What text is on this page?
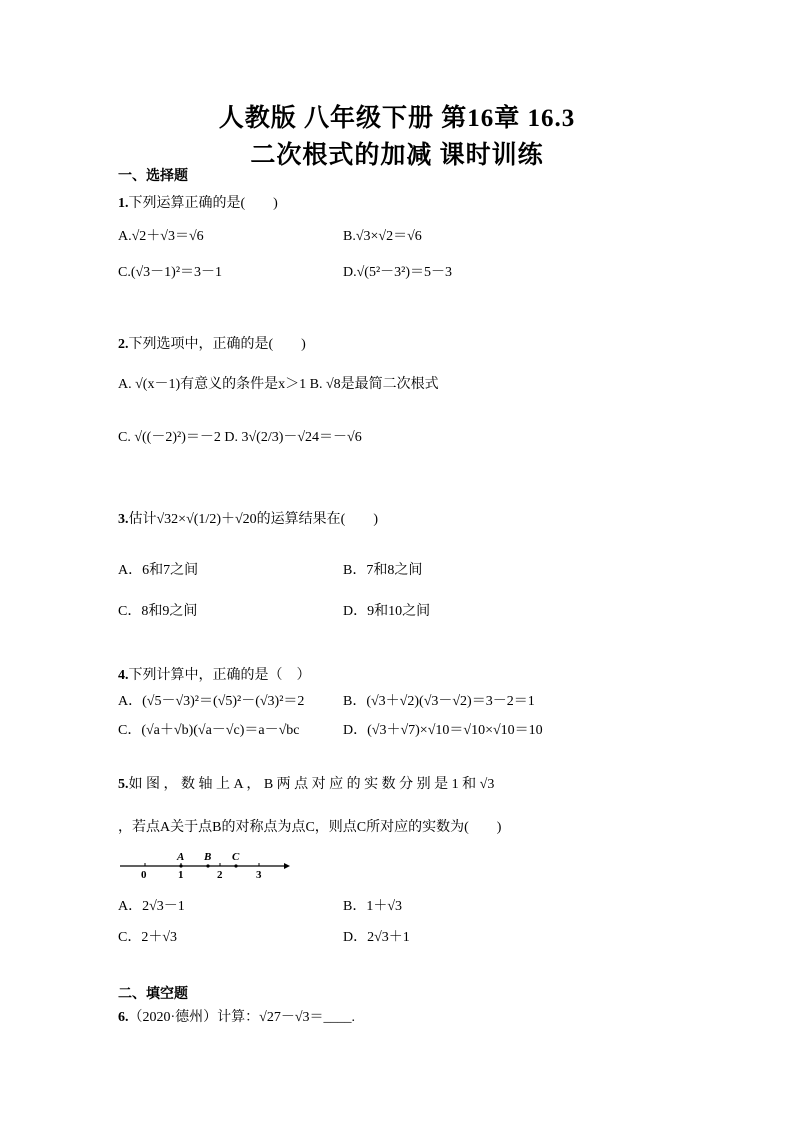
人教版 八年级下册 第16章 16.3
二次根式的加减 课时训练
一、选择题
1.下列运算正确的是(　　)
A.√2＋√3＝√6	B.√3×√2＝√6
C.(√3－1)²＝3－1	D.√(5²－3²)＝5－3
2.下列选项中，正确的是(　　)
A. √(x－1)有意义的条件是x＞1 B. √8是最简二次根式
C. √((－2)²)＝－2 D. 3√(2/3)－√24＝－√6
3.估计√32×√(1/2)＋√20的运算结果在(　　)
A．6和7之间	B．7和8之间
C．8和9之间	D．9和10之间
4.下列计算中，正确的是（　）
A．(√5－√3)²＝(√5)²－(√3)²＝2	B．(√3＋√2)(√3－√2)＝3－2＝1
C．(√a＋√b)(√a－√c)＝a－√bc	D．(√3＋√7)×√10＝√10×√10＝10
5.如 图 ， 数 轴 上 A ， B 两 点 对 应 的 实 数 分 别 是 1 和 √3
，若点A关于点B的对称点为点C，则点C所对应的实数为(　　)
A B C
0	1	2	3
A．2√3－1	B．1＋√3
C．2＋√3	D．2√3＋1
二、填空题
6.（2020·德州）计算：√27－√3＝____.
